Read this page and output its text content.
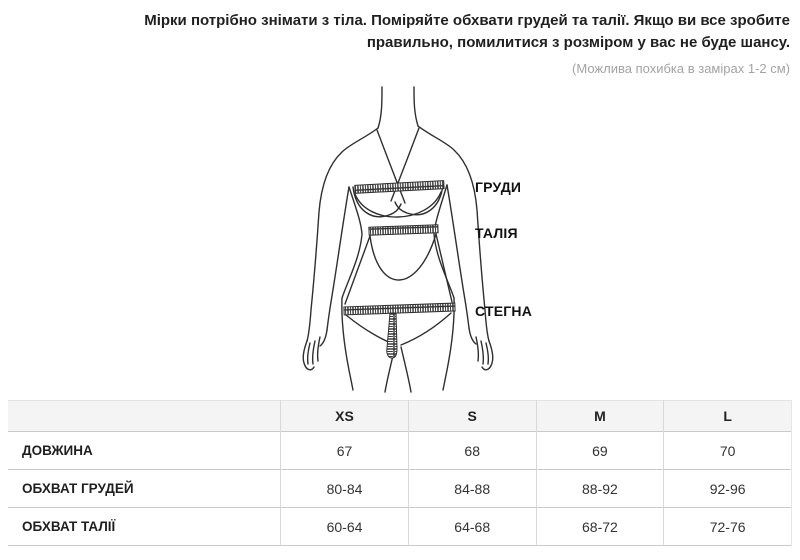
Мірки потрібно знімати з тіла. Поміряйте обхвати грудей та талії. Якщо ви все зробите правильно, помилитися з розміром у вас не буде шансу.

(Можлива похибка в замірах 1-2 см)

ГРУДИ
ТАЛІЯ
СТЕГНА
	XS	S	M	L
ДОВЖИНА	67	68	69	70
ОБХВАТ ГРУДЕЙ	80-84	84-88	88-92	92-96
ОБХВАТ ТАЛІЇ	60-64	64-68	68-72	72-76
